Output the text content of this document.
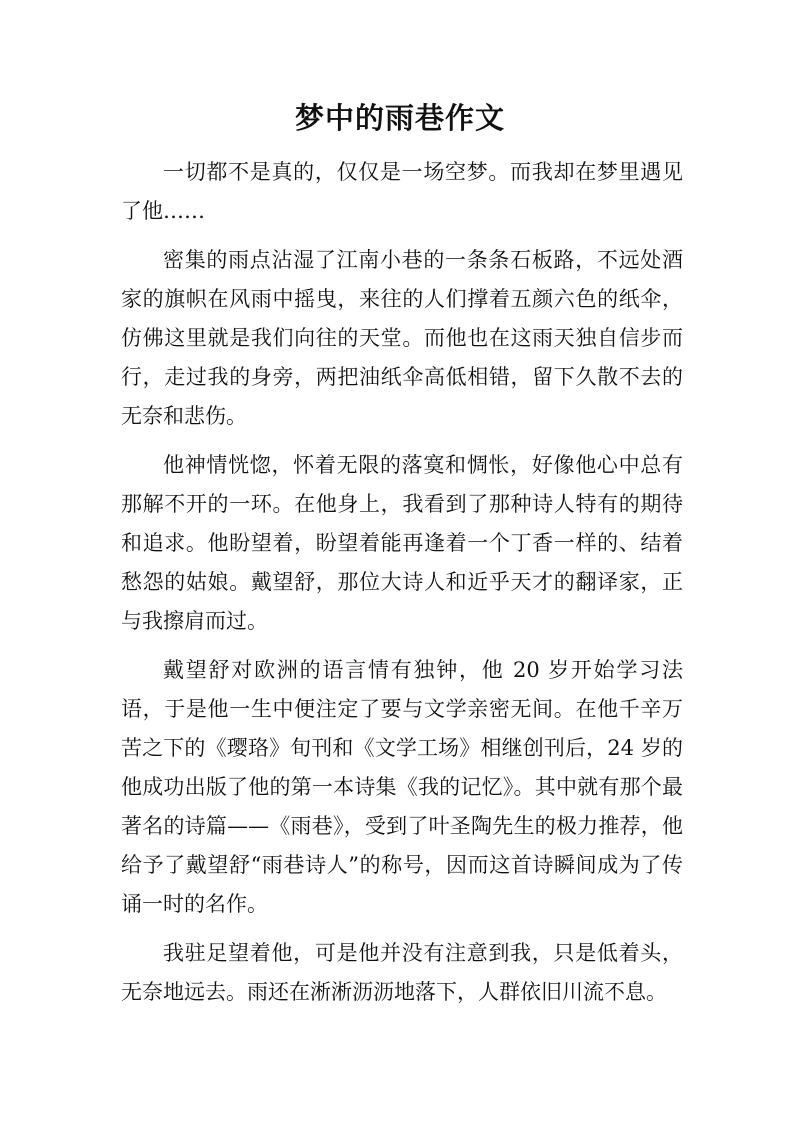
梦中的雨巷作文

一切都不是真的，仅仅是一场空梦。而我却在梦里遇见了他……

密集的雨点沾湿了江南小巷的一条条石板路，不远处酒家的旗帜在风雨中摇曳，来往的人们撑着五颜六色的纸伞，仿佛这里就是我们向往的天堂。而他也在这雨天独自信步而行，走过我的身旁，两把油纸伞高低相错，留下久散不去的无奈和悲伤。

他神情恍惚，怀着无限的落寞和惆怅，好像他心中总有那解不开的一环。在他身上，我看到了那种诗人特有的期待和追求。他盼望着，盼望着能再逢着一个丁香一样的、结着愁怨的姑娘。戴望舒，那位大诗人和近乎天才的翻译家，正与我擦肩而过。

戴望舒对欧洲的语言情有独钟，他 20 岁开始学习法语，于是他一生中便注定了要与文学亲密无间。在他千辛万苦之下的《璎珞》旬刊和《文学工场》相继创刊后，24 岁的他成功出版了他的第一本诗集《我的记忆》。其中就有那个最著名的诗篇——《雨巷》，受到了叶圣陶先生的极力推荐，他给予了戴望舒“雨巷诗人”的称号，因而这首诗瞬间成为了传诵一时的名作。

我驻足望着他，可是他并没有注意到我，只是低着头，无奈地远去。雨还在淅淅沥沥地落下，人群依旧川流不息。
